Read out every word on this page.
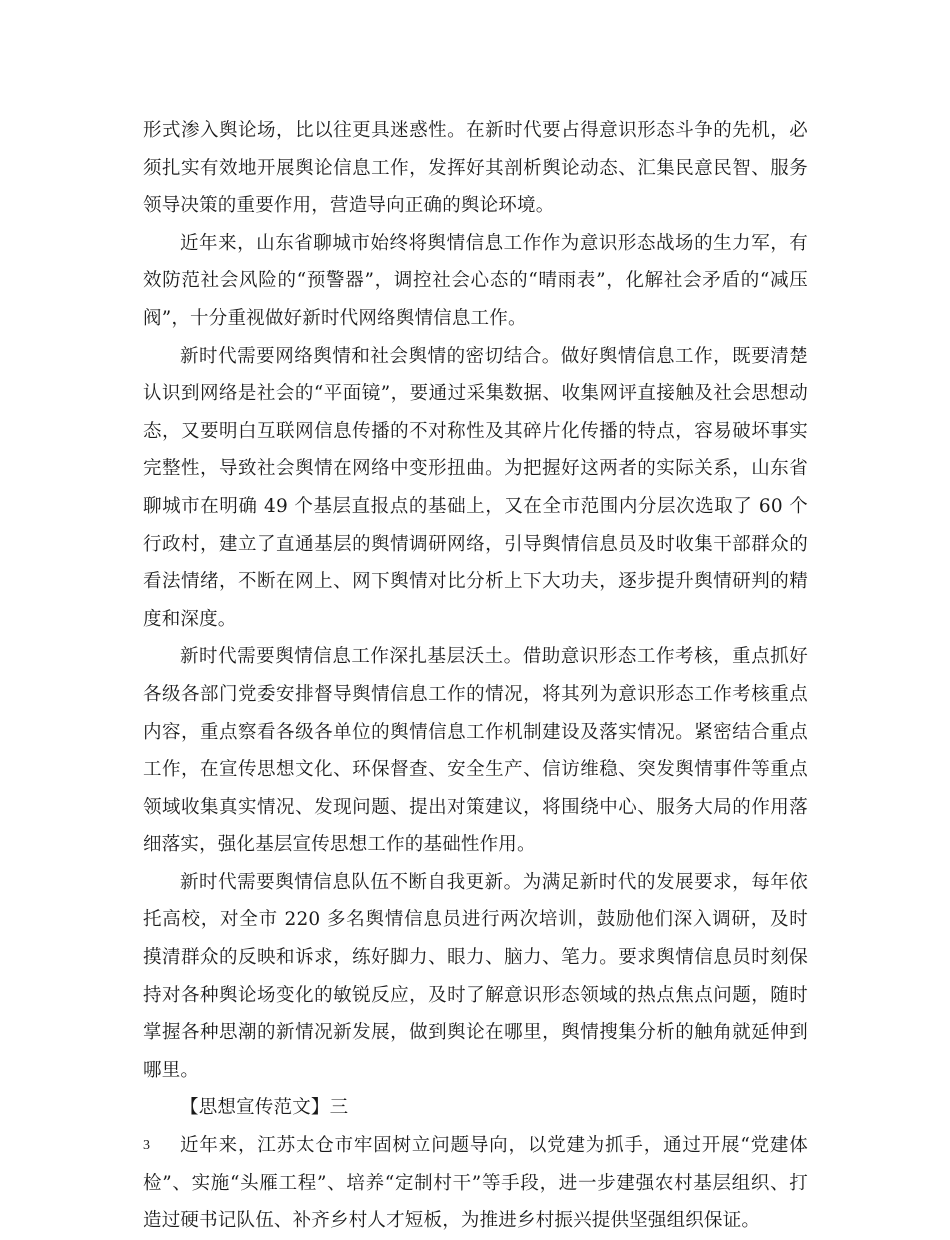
形式渗入舆论场，比以往更具迷惑性。在新时代要占得意识形态斗争的先机，必须扎实有效地开展舆论信息工作，发挥好其剖析舆论动态、汇集民意民智、服务领导决策的重要作用，营造导向正确的舆论环境。

近年来，山东省聊城市始终将舆情信息工作作为意识形态战场的生力军，有效防范社会风险的“预警器”，调控社会心态的“晴雨表”，化解社会矛盾的“减压阀”，十分重视做好新时代网络舆情信息工作。

新时代需要网络舆情和社会舆情的密切结合。做好舆情信息工作，既要清楚认识到网络是社会的“平面镜”，要通过采集数据、收集网评直接触及社会思想动态，又要明白互联网信息传播的不对称性及其碎片化传播的特点，容易破坏事实完整性，导致社会舆情在网络中变形扭曲。为把握好这两者的实际关系，山东省聊城市在明确 49 个基层直报点的基础上，又在全市范围内分层次选取了 60 个行政村，建立了直通基层的舆情调研网络，引导舆情信息员及时收集干部群众的看法情绪，不断在网上、网下舆情对比分析上下大功夫，逐步提升舆情研判的精度和深度。

新时代需要舆情信息工作深扎基层沃土。借助意识形态工作考核，重点抓好各级各部门党委安排督导舆情信息工作的情况，将其列为意识形态工作考核重点内容，重点察看各级各单位的舆情信息工作机制建设及落实情况。紧密结合重点工作，在宣传思想文化、环保督查、安全生产、信访维稳、突发舆情事件等重点领域收集真实情况、发现问题、提出对策建议，将围绕中心、服务大局的作用落细落实，强化基层宣传思想工作的基础性作用。

新时代需要舆情信息队伍不断自我更新。为满足新时代的发展要求，每年依托高校，对全市 220 多名舆情信息员进行两次培训，鼓励他们深入调研，及时摸清群众的反映和诉求，练好脚力、眼力、脑力、笔力。要求舆情信息员时刻保持对各种舆论场变化的敏锐反应，及时了解意识形态领域的热点焦点问题，随时掌握各种思潮的新情况新发展，做到舆论在哪里，舆情搜集分析的触角就延伸到哪里。

【思想宣传范文】三

近年来，江苏太仓市牢固树立问题导向，以党建为抓手，通过开展“党建体检”、实施“头雁工程”、培养“定制村干”等手段，进一步建强农村基层组织、打造过硬书记队伍、补齐乡村人才短板，为推进乡村振兴提供坚强组织保证。

3
